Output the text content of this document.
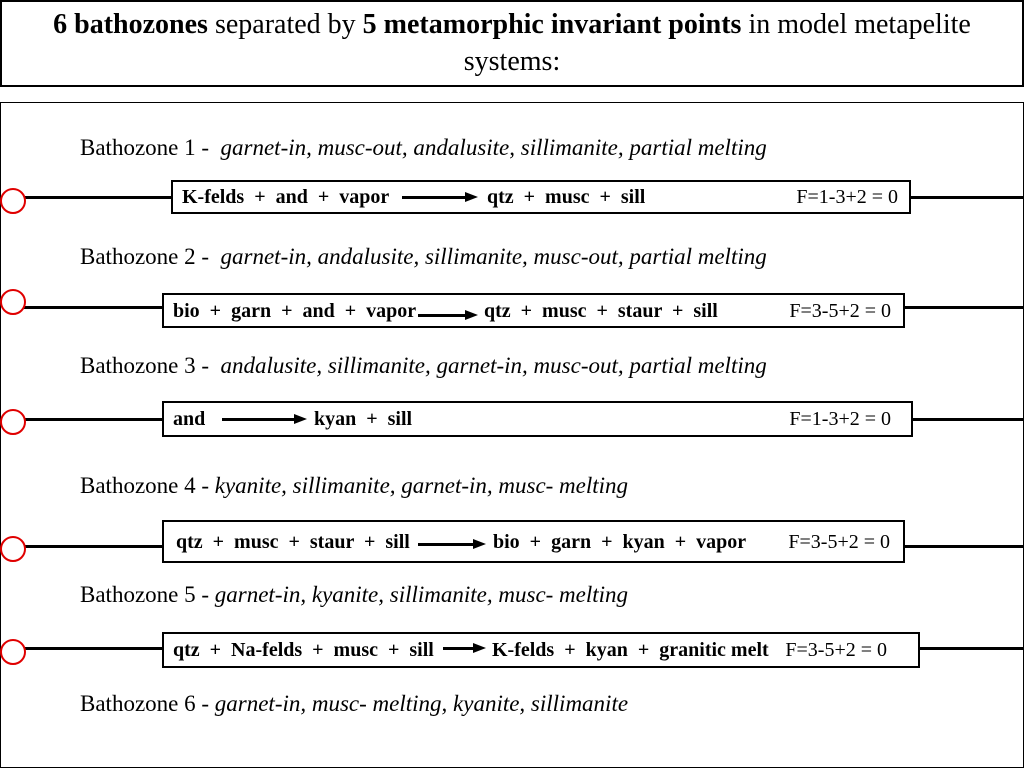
6 bathozones separated by 5 metamorphic invariant points in model metapelite systems:

Bathozone 1 -  garnet-in, musc-out, andalusite, sillimanite, partial melting

Bathozone 2 -  garnet-in, andalusite, sillimanite, musc-out, partial melting

Bathozone 3 -  andalusite, sillimanite, garnet-in, musc-out, partial melting

Bathozone 4 - kyanite, sillimanite, garnet-in, musc- melting

Bathozone 5 - garnet-in, kyanite, sillimanite, musc- melting

Bathozone 6 - garnet-in, musc- melting, kyanite, sillimanite

K-felds  +  and  +  vapor	qtz  +  musc  +  sill	F=1-3+2 = 0
bio  +  garn  +  and  +  vapor	qtz  +  musc  +  staur  +  sill	F=3-5+2 = 0
and	kyan  +  sill	F=1-3+2 = 0
qtz  +  musc  +  staur  +  sill	bio  +  garn  +  kyan  +  vapor F=3-5+2 = 0
qtz  +  Na-felds  +  musc  +  sill	K-felds  +  kyan  +  granitic melt F=3-5+2 = 0
